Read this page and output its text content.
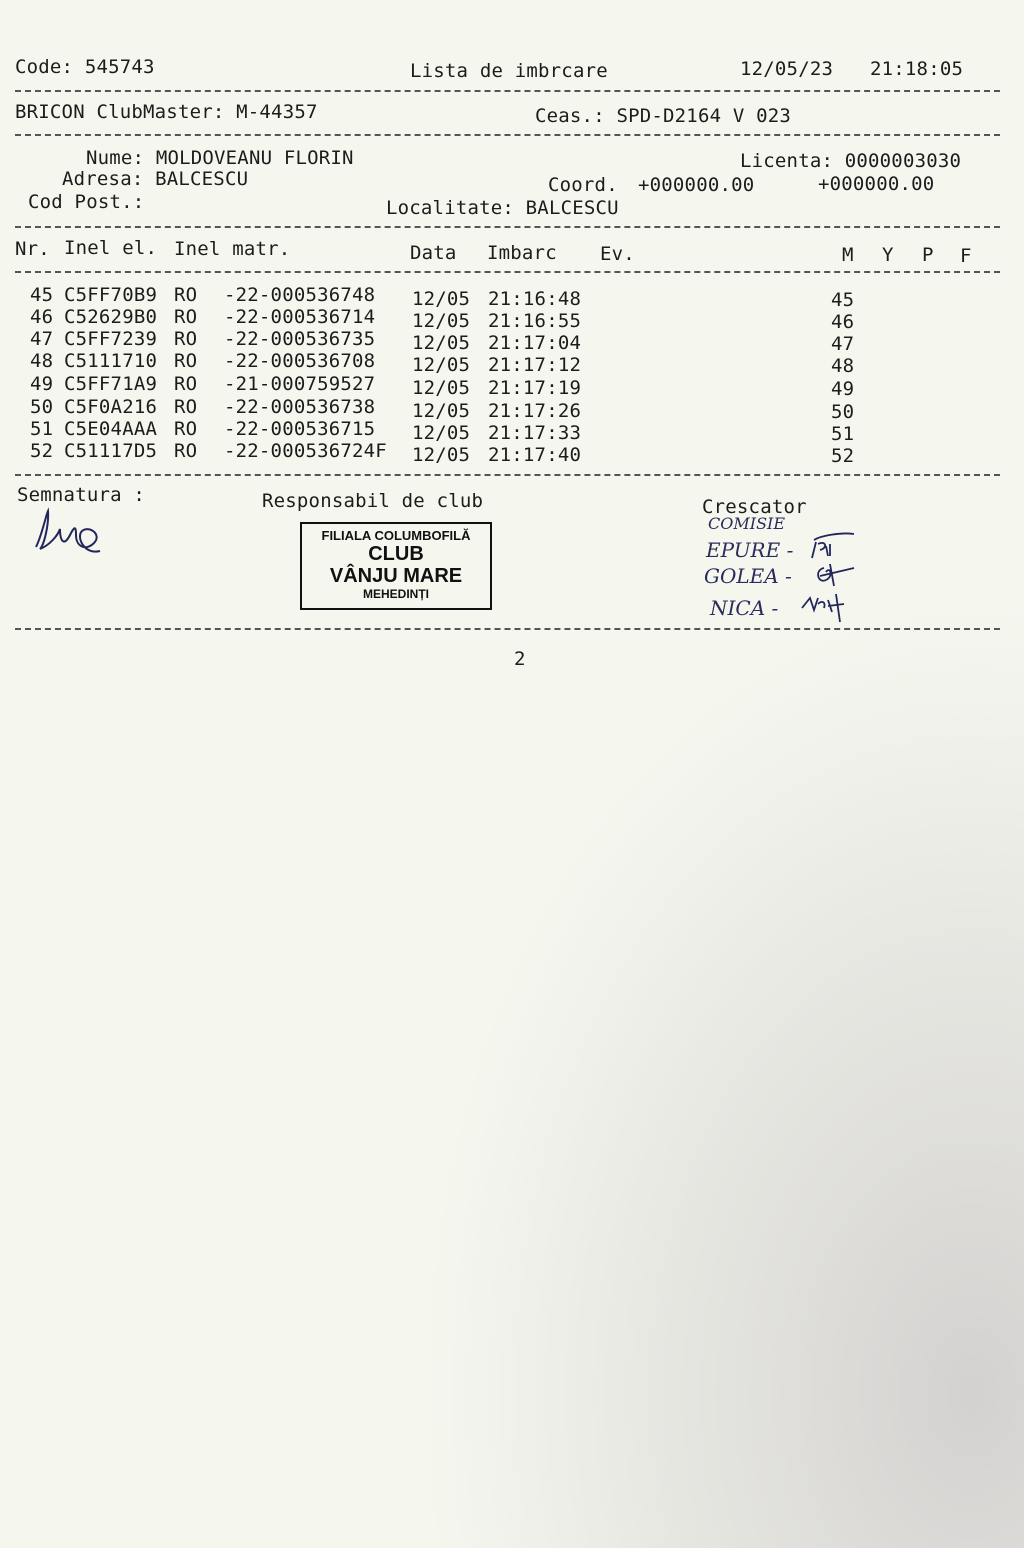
Code: 545743	Lista de imbrcare	12/05/23 21:18:05
BRICON ClubMaster: M-44357	Ceas.: SPD-D2164 V 023
Nume: MOLDOVEANU FLORIN	Licenta: 0000003030
Adresa: BALCESCU	Coord. +000000.00	+000000.00
Cod Post.:	Localitate: BALCESCU
Nr. Inel el. Inel matr.	Data Imbarc Ev.	M Y P F
45 C5FF70B9 RO -22-000536748 12/05 21:16:48	45
46 C52629B0 RO -22-000536714 12/05 21:16:55	46
47 C5FF7239 RO -22-000536735 12/05 21:17:04	47
48 C5111710 RO -22-000536708 12/05 21:17:12	48
49 C5FF71A9 RO -21-000759527 12/05 21:17:19	49
50 C5F0A216 RO -22-000536738 12/05 21:17:26	50
51 C5E04AAA RO -22-000536715 12/05 21:17:33	51
52 C51117D5 RO -22-000536724F 12/05 21:17:40	52
Semnatura :	Responsabil de club	Crescator
FILIALA COLUMBOFILĂ
CLUB
VÂNJU MARE
MEHEDINȚI
COMISIE
EPURE -
GOLEA -
NICA -
2
